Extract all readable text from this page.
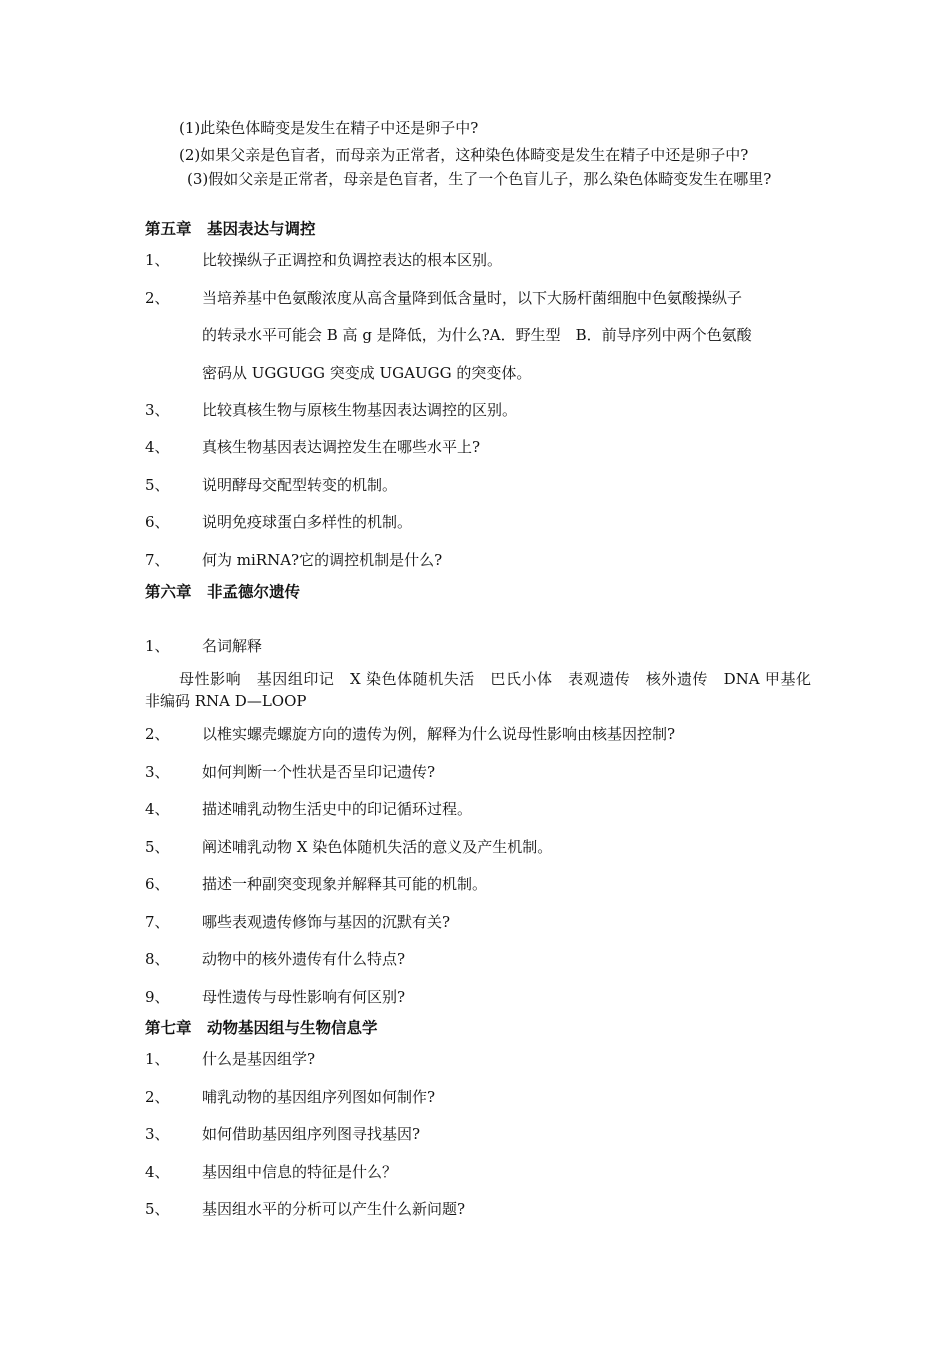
(1)此染色体畸变是发生在精子中还是卵子中?
(2)如果父亲是色盲者，而母亲为正常者，这种染色体畸变是发生在精子中还是卵子中?
(3)假如父亲是正常者，母亲是色盲者，生了一个色盲儿子，那么染色体畸变发生在哪里?
第五章　基因表达与调控
1、 比较操纵子正调控和负调控表达的根本区别。
2、 当培养基中色氨酸浓度从高含量降到低含量时，以下大肠杆菌细胞中色氨酸操纵子
的转录水平可能会 B 高 g 是降低，为什么?A．野生型　B．前导序列中两个色氨酸
密码从 UGGUGG 突变成 UGAUGG 的突变体。
3、 比较真核生物与原核生物基因表达调控的区别。
4、 真核生物基因表达调控发生在哪些水平上?
5、 说明酵母交配型转变的机制。
6、 说明免疫球蛋白多样性的机制。
7、 何为 miRNA?它的调控机制是什么?
第六章　非孟德尔遗传
1、 名词解释
母性影响　基因组印记　X 染色体随机失活　巴氏小体　表观遗传　核外遗传　DNA 甲基化　非编码 RNA D—LOOP
2、 以椎实螺壳螺旋方向的遗传为例，解释为什么说母性影响由核基因控制?
3、 如何判断一个性状是否呈印记遗传?
4、 描述哺乳动物生活史中的印记循环过程。
5、 阐述哺乳动物 X 染色体随机失活的意义及产生机制。
6、 描述一种副突变现象并解释其可能的机制。
7、 哪些表观遗传修饰与基因的沉默有关?
8、 动物中的核外遗传有什么特点?
9、 母性遗传与母性影响有何区别?
第七章　动物基因组与生物信息学
1、 什么是基因组学?
2、 哺乳动物的基因组序列图如何制作?
3、 如何借助基因组序列图寻找基因?
4、 基因组中信息的特征是什么？
5、 基因组水平的分析可以产生什么新问题?
